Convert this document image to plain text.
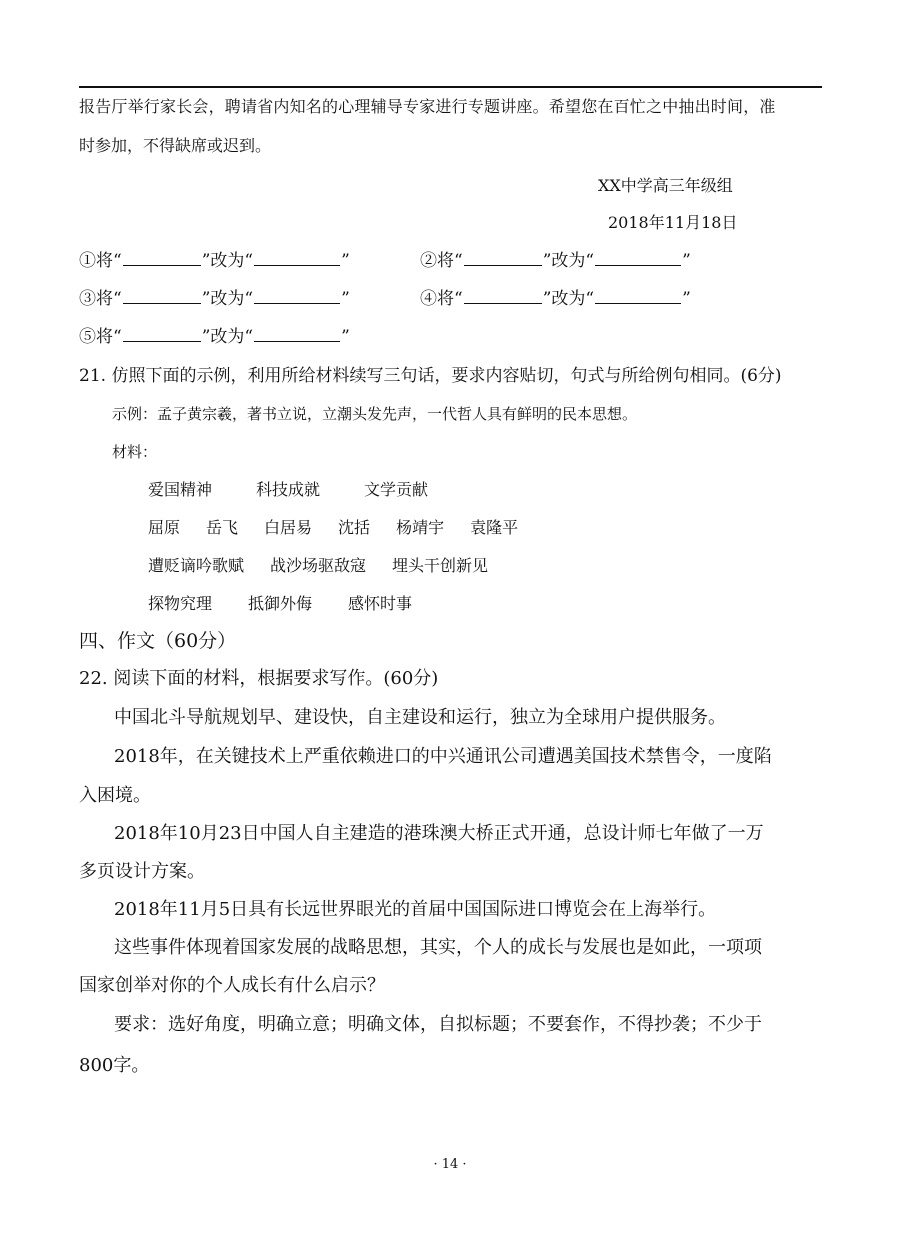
报告厅举行家长会，聘请省内知名的心理辅导专家进行专题讲座。希望您在百忙之中抽出时间，准
时参加，不得缺席或迟到。
XX中学高三年级组
2018年11月18日
①将“	”改为“	”	②将“	”改为“	”
③将“	”改为“	”	④将“	”改为“	”
⑤将“	”改为“	”
21. 仿照下面的示例，利用所给材料续写三句话，要求内容贴切，句式与所给例句相同。(6分)
示例：孟子黄宗羲，著书立说，立潮头发先声，一代哲人具有鲜明的民本思想。
材料：
爱国精神	科技成就	文学贡献
屈原 岳飞 白居易 沈括 杨靖宇 袁隆平
遭贬谪吟歌赋 战沙场驱敌寇 埋头干创新见
探物究理 抵御外侮 感怀时事
四、作文（60分）
22. 阅读下面的材料，根据要求写作。(60分)
中国北斗导航规划早、建设快，自主建设和运行，独立为全球用户提供服务。
2018年，在关键技术上严重依赖进口的中兴通讯公司遭遇美国技术禁售令，一度陷
入困境。
2018年10月23日中国人自主建造的港珠澳大桥正式开通，总设计师七年做了一万
多页设计方案。
2018年11月5日具有长远世界眼光的首届中国国际进口博览会在上海举行。
这些事件体现着国家发展的战略思想，其实，个人的成长与发展也是如此，一项项
国家创举对你的个人成长有什么启示？
要求：选好角度，明确立意；明确文体，自拟标题；不要套作，不得抄袭；不少于
800字。
· 14 ·
